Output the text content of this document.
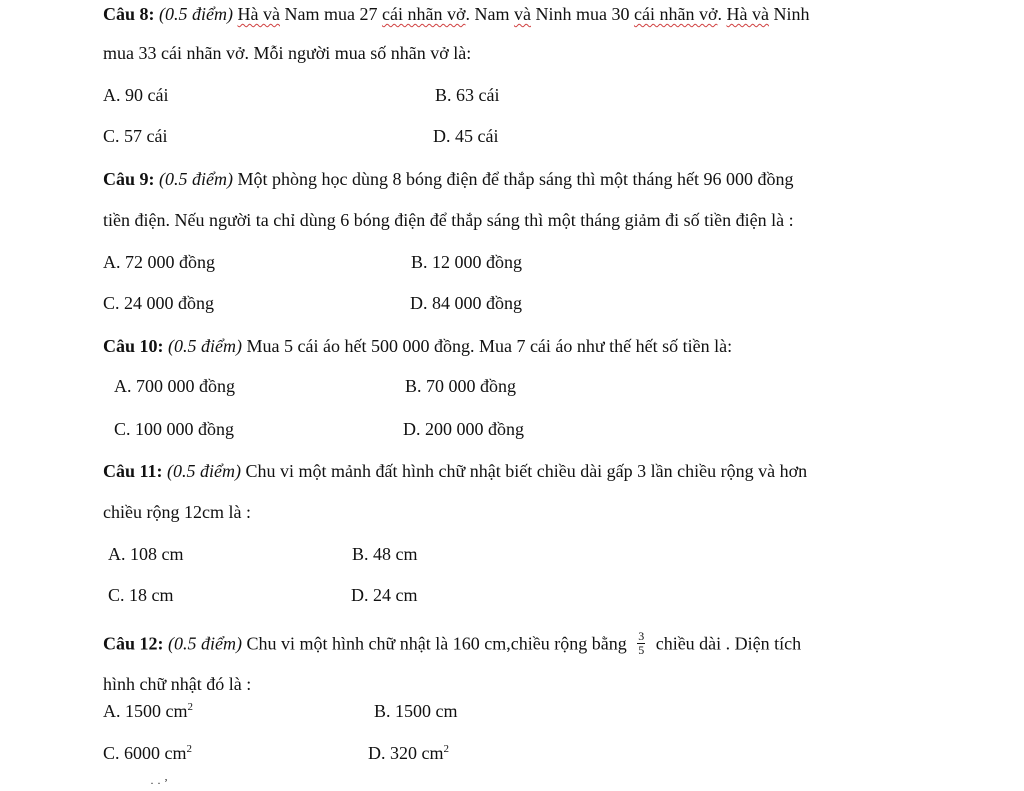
Câu 8: (0.5 điểm) Hà và Nam mua 27 cái nhãn vở. Nam và Ninh mua 30 cái nhãn vở. Hà và Ninh
mua 33 cái nhãn vở. Mỗi người mua số nhãn vở là:
A. 90 cái	B. 63 cái
C. 57 cái	D. 45 cái
Câu 9: (0.5 điểm) Một phòng học dùng 8 bóng điện để thắp sáng thì một tháng hết 96 000 đồng
tiền điện. Nếu người ta chỉ dùng 6 bóng điện để thắp sáng thì một tháng giảm đi số tiền điện là :
A. 72 000 đồng	B. 12 000 đồng
C. 24 000 đồng	D. 84 000 đồng
Câu 10: (0.5 điểm) Mua 5 cái áo hết 500 000 đồng. Mua 7 cái áo như thế hết số tiền là:
A. 700 000 đồng	B. 70 000 đồng
C. 100 000 đồng	D. 200 000 đồng
Câu 11: (0.5 điểm) Chu vi một mảnh đất hình chữ nhật biết chiều dài gấp 3 lần chiều rộng và hơn
chiều rộng 12cm là :
A. 108 cm	B. 48 cm
C. 18 cm	D. 24 cm
Câu 12: (0.5 điểm) Chu vi một hình chữ nhật là 160 cm,chiều rộng bằng $\frac{3}{5}$ chiều dài . Diện tích
hình chữ nhật đó là :
A. 1500 $cm^2$	B. 1500 cm
C. 6000 $cm^2$	D. 320 $cm^2$
· · ʼ
